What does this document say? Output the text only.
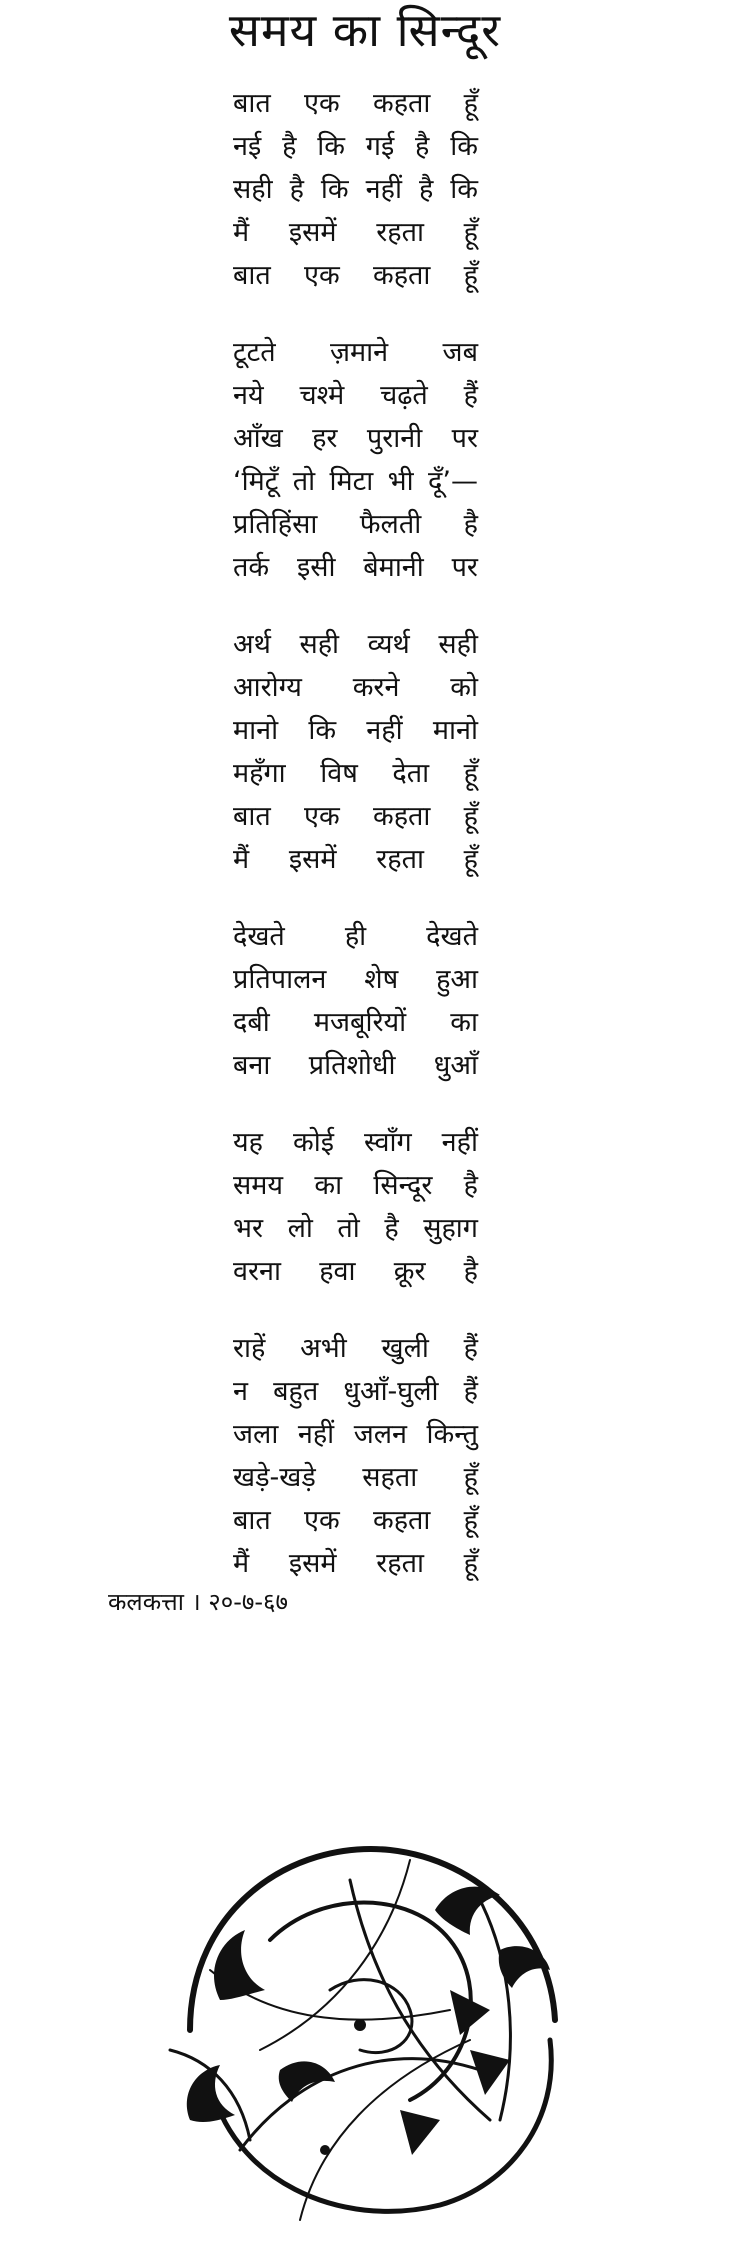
समय का सिन्दूर
बात एक कहता हूँ
नई है कि गई है कि
सही है कि नहीं है कि
मैं इसमें रहता हूँ
बात एक कहता हूँ
टूटते ज़माने जब
नये चश्मे चढ़ते हैं
आँख हर पुरानी पर
‘मिटूँ तो मिटा भी दूँ’—
प्रतिहिंसा फैलती है
तर्क इसी बेमानी पर
अर्थ सही व्यर्थ सही
आरोग्य करने को
मानो कि नहीं मानो
महँगा विष देता हूँ
बात एक कहता हूँ
मैं इसमें रहता हूँ
देखते ही देखते
प्रतिपालन शेष हुआ
दबी मजबूरियों का
बना प्रतिशोधी धुआँ
यह कोई स्वाँग नहीं
समय का सिन्दूर है
भर लो तो है सुहाग
वरना हवा क्रूर है
राहें अभी खुली हैं
न बहुत धुआँ-घुली हैं
जला नहीं जलन किन्तु
खड़े-खड़े सहता हूँ
बात एक कहता हूँ
मैं इसमें रहता हूँ
कलकत्ता । २०-७-६७
